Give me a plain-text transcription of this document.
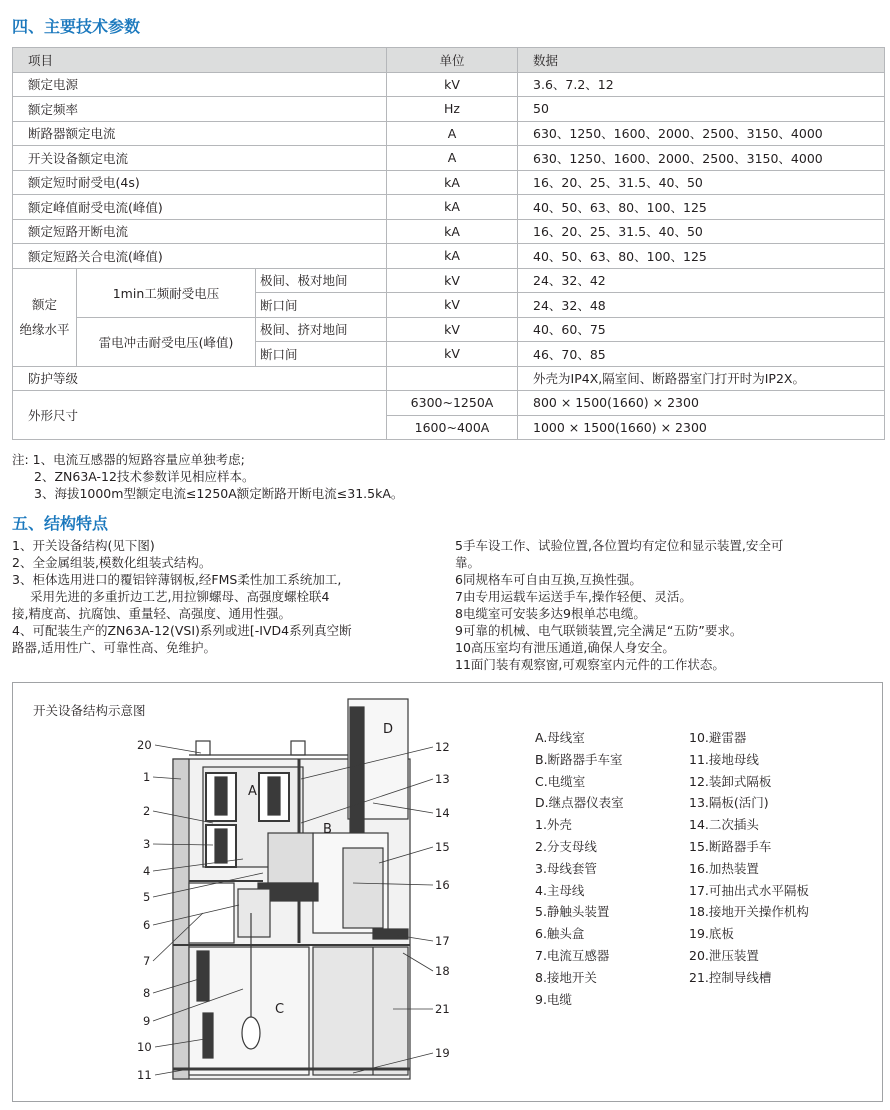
四、主要技术参数
项目			单位	数据
额定电源			kV	3.6、7.2、12
额定频率			Hz	50
断路器额定电流			A	630、1250、1600、2000、2500、3150、4000
开关设备额定电流			A	630、1250、1600、2000、2500、3150、4000
额定短时耐受电(4s)			kA	16、20、25、31.5、40、50
额定峰值耐受电流(峰值)			kA	40、50、63、80、100、125
额定短路开断电流			kA	16、20、25、31.5、40、50
额定短路关合电流(峰值)			kA	40、50、63、80、100、125

额定
绝缘水平	1min工频耐受电压	极间、极对地间	kV	24、32、42
		断口间	kV	24、32、48
	雷电冲击耐受电压(峰值)	极间、挤对地间	kV	40、60、75
		断口间	kV	46、70、85
防护等级				外壳为IP4X,隔室间、断路器室门打开时为IP2X。
外形尺寸			6300~1250A	800 × 1500(1660) × 2300
			1600~400A	1000 × 1500(1660) × 2300
注: 1、电流互感器的短路容量应单独考虑;
2、ZN63A-12技术参数详见相应样本。
3、海拔1000m型额定电流≤1250A额定断路开断电流≤31.5kA。
五、结构特点
1、开关设备结构(见下图)
2、全金属组装,模数化组装式结构。
3、柜体选用进口的覆铝锌薄钢板,经FMS柔性加工系统加工,
采用先进的多重折边工艺,用拉铆螺母、高强度螺栓联4
接,精度高、抗腐蚀、重量轻、高强度、通用性强。
4、可配装生产的ZN63A-12(VSI)系列或进[-IVD4系列真空断
路器,适用性广、可靠性高、免维护。
5手车设工作、试验位置,各位置均有定位和显示装置,安全可
靠。
6同规格车可自由互换,互换性强。
7由专用运载车运送手车,操作轻便、灵活。
8电缆室可安装多达9根单芯电缆。
9可靠的机械、电气联锁装置,完全满足“五防”要求。
10高压室均有泄压通道,确保人身安全。
11面门装有观察窗,可观察室内元件的工作状态。
开关设备结构示意图
A
B
C
D
20
1
2
3
4
5
6
7
8
9
10
11
12
13
14
15
16
17
18
21
19
A.母线室
B.断路器手车室
C.电缆室
D.继点器仪表室
1.外壳
2.分支母线
3.母线套管
4.主母线
5.静触头装置
6.触头盒
7.电流互感器
8.接地开关
9.电缆
10.避雷器
11.接地母线
12.装卸式隔板
13.隔板(活门)
14.二次插头
15.断路器手车
16.加热装置
17.可抽出式水平隔板
18.接地开关操作机构
19.底板
20.泄压装置
21.控制导线槽
